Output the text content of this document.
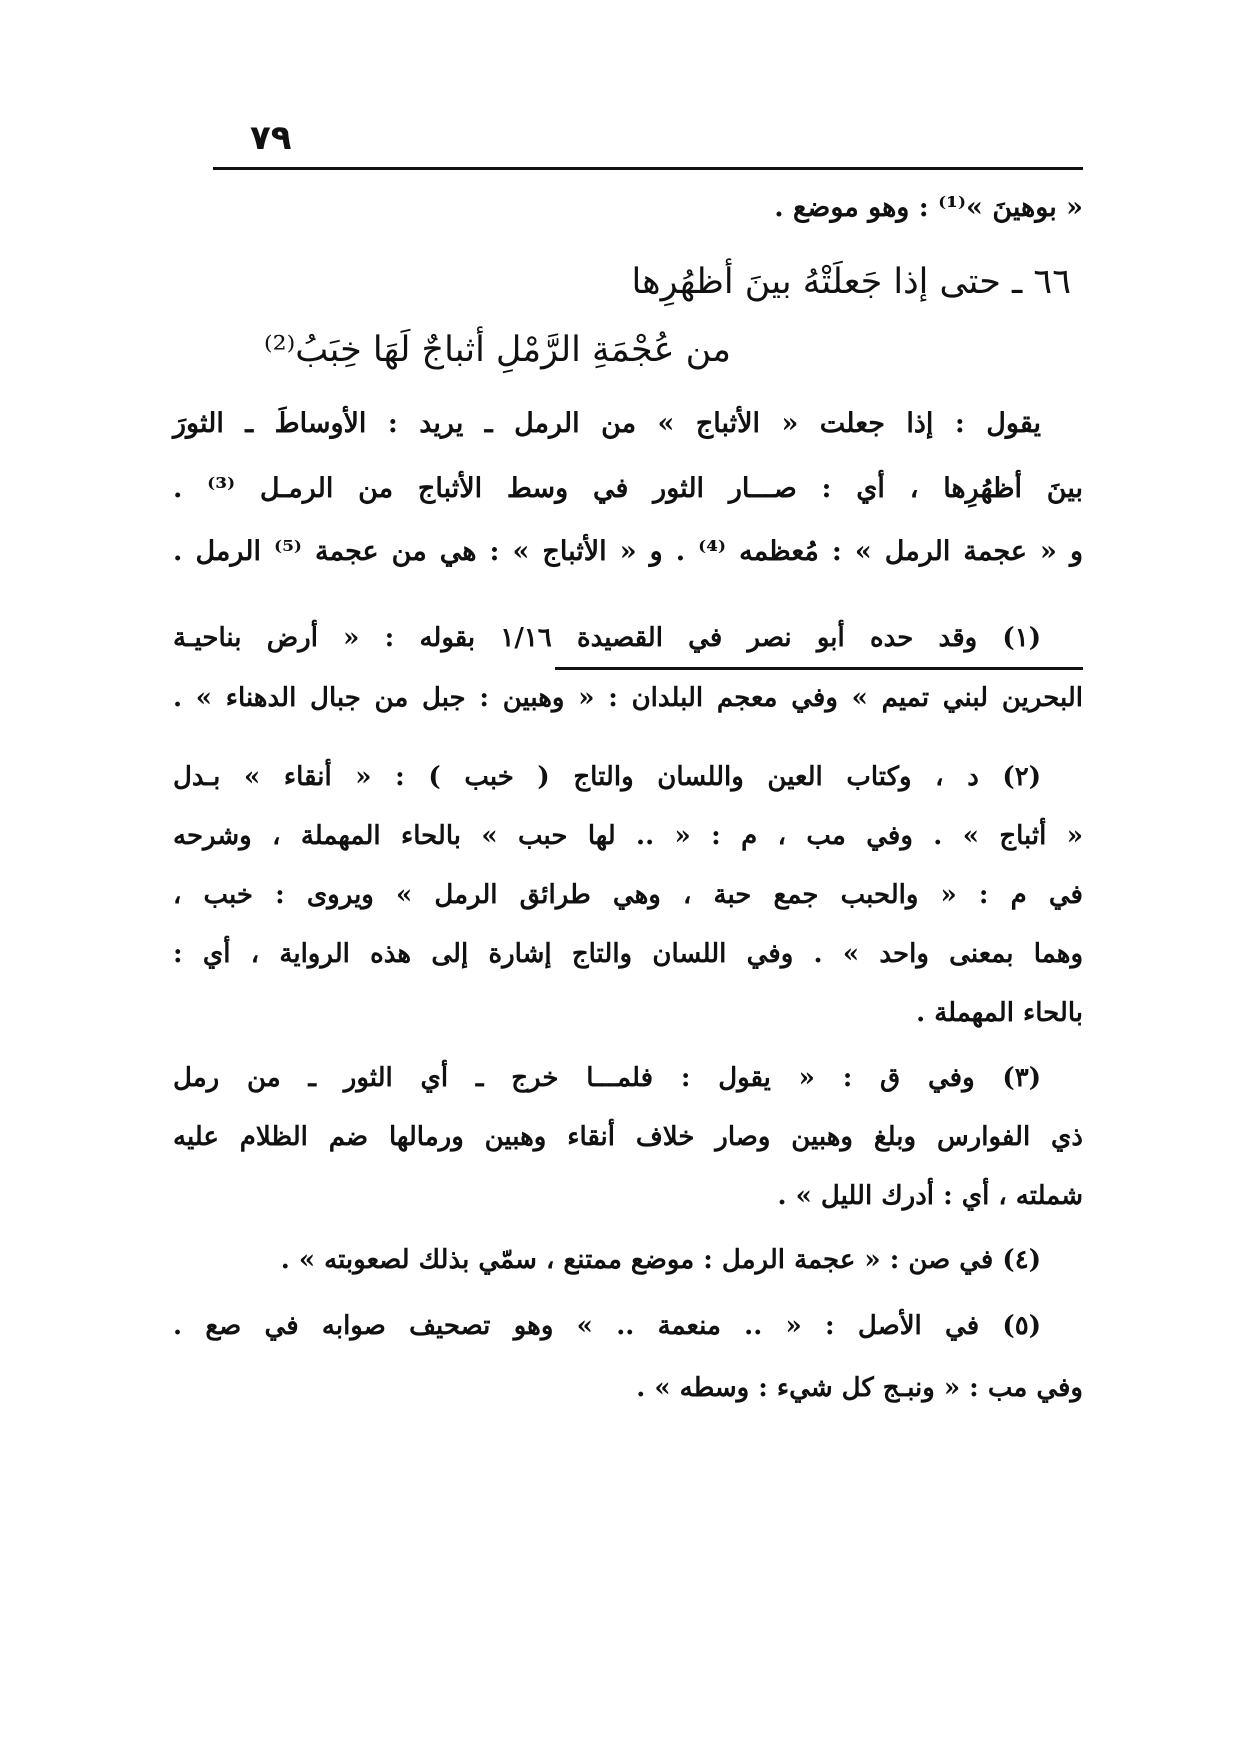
٧٩
« بوهينَ »⁽¹⁾ : وهو موضع .
٦٦ ـ حتى إذا جَعلَتْهُ بينَ أظهُرِها
من عُجْمَةِ الرَّمْلِ أثباجٌ لَهَا خِبَبُ⁽²⁾
يقول : إذا جعلت « الأثباج » من الرمل ـ يريد : الأوساطَ ـ الثورَ
بينَ أظهُرِها ، أي : صـــار الثور في وسط الأثباج من الرمـل ⁽³⁾ .
و « عجمة الرمل » : مُعظمه ⁽⁴⁾ . و « الأثباج » : هي من عجمة ⁽⁵⁾ الرمل .
(١) وقد حده أبو نصر في القصيدة ١/١٦ بقوله : « أرض بناحيـة
البحرين لبني تميم » وفي معجم البلدان : « وهبين : جبل من جبال الدهناء » .
(٢) د ، وكتاب العين واللسان والتاج ( خبب ) : « أنقاء » بـدل
« أثباج » . وفي مب ، م : « .. لها حبب » بالحاء المهملة ، وشرحه
في م : « والحبب جمع حبة ، وهي طرائق الرمل » ويروى : خبب ،
وهما بمعنى واحد » . وفي اللسان والتاج إشارة إلى هذه الرواية ، أي :
بالحاء المهملة .
(٣) وفي ق : « يقول : فلمـــا خرج ـ أي الثور ـ من رمل
ذي الفوارس وبلغ وهبين وصار خلاف أنقاء وهبين ورمالها ضم الظلام عليه
شملته ، أي : أدرك الليل » .
(٤) في صن : « عجمة الرمل : موضع ممتنع ، سمّي بذلك لصعوبته » .
(٥) في الأصل : « .. منعمة .. » وهو تصحيف صوابه في صع .
وفي مب : « ونبـج كل شيء : وسطه » .
